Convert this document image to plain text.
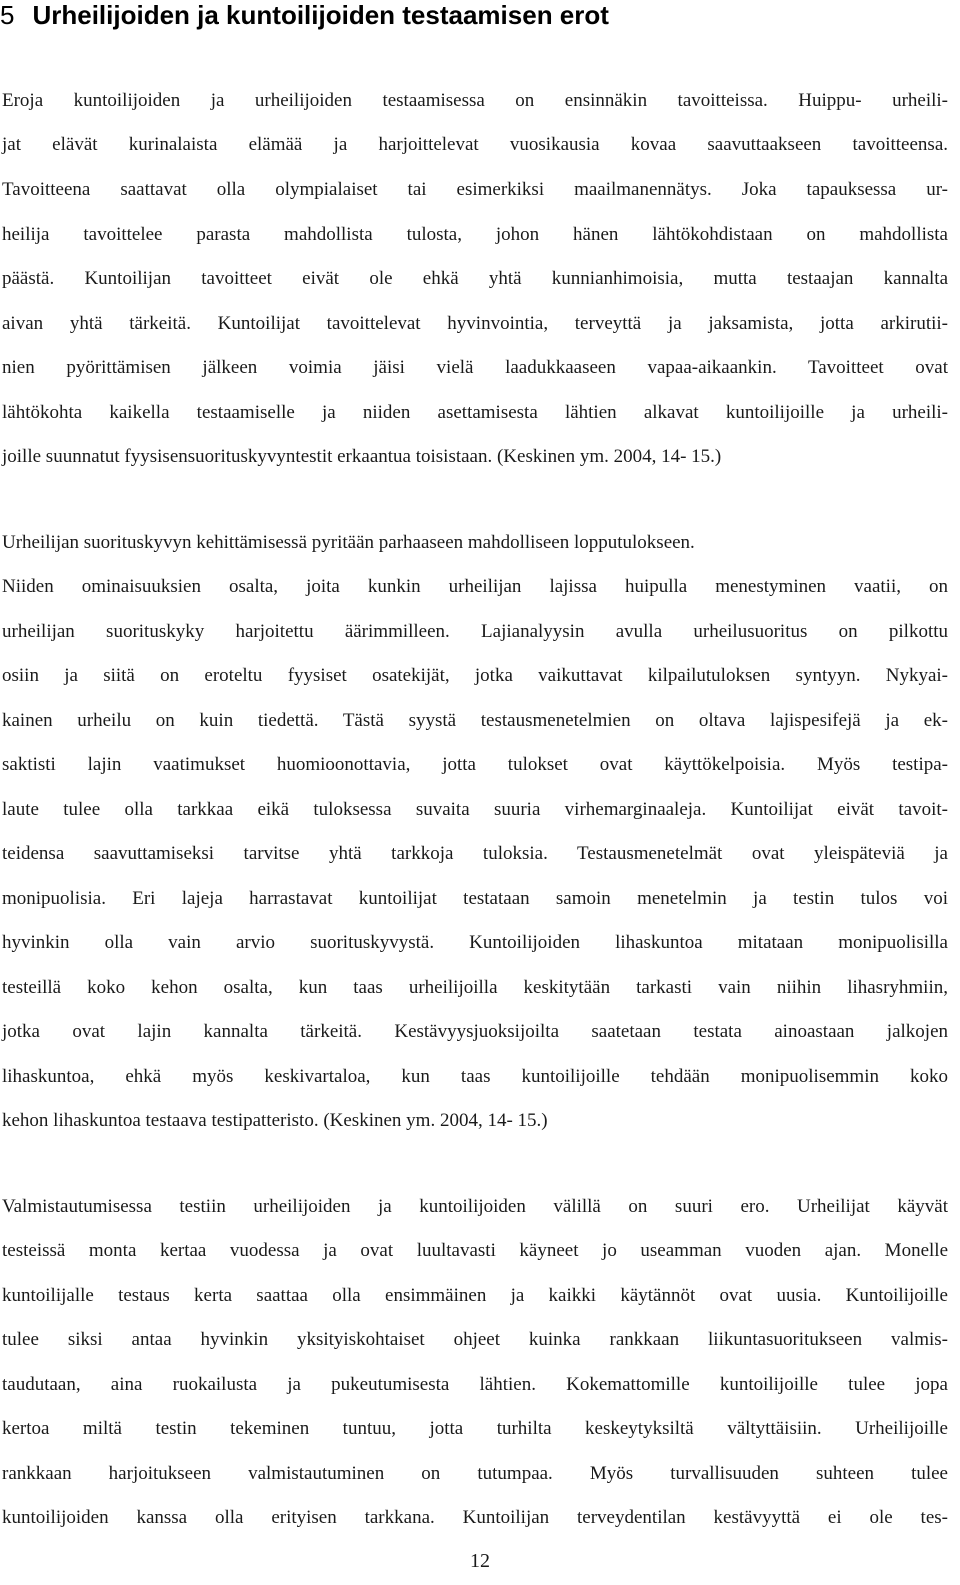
5 Urheilijoiden ja kuntoilijoiden testaamisen erot
Eroja kuntoilijoiden ja urheilijoiden testaamisessa on ensinnäkin tavoitteissa. Huippu- urheili-
jat elävät kurinalaista elämää ja harjoittelevat vuosikausia kovaa saavuttaakseen tavoitteensa.
Tavoitteena saattavat olla olympialaiset tai esimerkiksi maailmanennätys. Joka tapauksessa ur-
heilija tavoittelee parasta mahdollista tulosta, johon hänen lähtökohdistaan on mahdollista
päästä. Kuntoilijan tavoitteet eivät ole ehkä yhtä kunnianhimoisia, mutta testaajan kannalta
aivan yhtä tärkeitä. Kuntoilijat tavoittelevat hyvinvointia, terveyttä ja jaksamista, jotta arkirutii-
nien pyörittämisen jälkeen voimia jäisi vielä laadukkaaseen vapaa-aikaankin. Tavoitteet ovat
lähtökohta kaikella testaamiselle ja niiden asettamisesta lähtien alkavat kuntoilijoille ja urheili-
joille suunnatut fyysisensuorituskyvyntestit erkaantua toisistaan. (Keskinen ym. 2004, 14- 15.)
Urheilijan suorituskyvyn kehittämisessä pyritään parhaaseen mahdolliseen lopputulokseen.
Niiden ominaisuuksien osalta, joita kunkin urheilijan lajissa huipulla menestyminen vaatii, on
urheilijan suorituskyky harjoitettu äärimmilleen. Lajianalyysin avulla urheilusuoritus on pilkottu
osiin ja siitä on eroteltu fyysiset osatekijät, jotka vaikuttavat kilpailutuloksen syntyyn. Nykyai-
kainen urheilu on kuin tiedettä. Tästä syystä testausmenetelmien on oltava lajispesifejä ja ek-
saktisti lajin vaatimukset huomioonottavia, jotta tulokset ovat käyttökelpoisia. Myös testipa-
laute tulee olla tarkkaa eikä tuloksessa suvaita suuria virhemarginaaleja. Kuntoilijat eivät tavoit-
teidensa saavuttamiseksi tarvitse yhtä tarkkoja tuloksia. Testausmenetelmät ovat yleispäteviä ja
monipuolisia. Eri lajeja harrastavat kuntoilijat testataan samoin menetelmin ja testin tulos voi
hyvinkin olla vain arvio suorituskyvystä. Kuntoilijoiden lihaskuntoa mitataan monipuolisilla
testeillä koko kehon osalta, kun taas urheilijoilla keskitytään tarkasti vain niihin lihasryhmiin,
jotka ovat lajin kannalta tärkeitä. Kestävyysjuoksijoilta saatetaan testata ainoastaan jalkojen
lihaskuntoa, ehkä myös keskivartaloa, kun taas kuntoilijoille tehdään monipuolisemmin koko
kehon lihaskuntoa testaava testipatteristo. (Keskinen ym. 2004, 14- 15.)
Valmistautumisessa testiin urheilijoiden ja kuntoilijoiden välillä on suuri ero. Urheilijat käyvät
testeissä monta kertaa vuodessa ja ovat luultavasti käyneet jo useamman vuoden ajan. Monelle
kuntoilijalle testaus kerta saattaa olla ensimmäinen ja kaikki käytännöt ovat uusia. Kuntoilijoille
tulee siksi antaa hyvinkin yksityiskohtaiset ohjeet kuinka rankkaan liikuntasuoritukseen valmis-
taudutaan, aina ruokailusta ja pukeutumisesta lähtien. Kokemattomille kuntoilijoille tulee jopa
kertoa miltä testin tekeminen tuntuu, jotta turhilta keskeytyksiltä vältyttäisiin. Urheilijoille
rankkaan harjoitukseen valmistautuminen on tutumpaa. Myös turvallisuuden suhteen tulee
kuntoilijoiden kanssa olla erityisen tarkkana. Kuntoilijan terveydentilan kestävyyttä ei ole tes-
12
